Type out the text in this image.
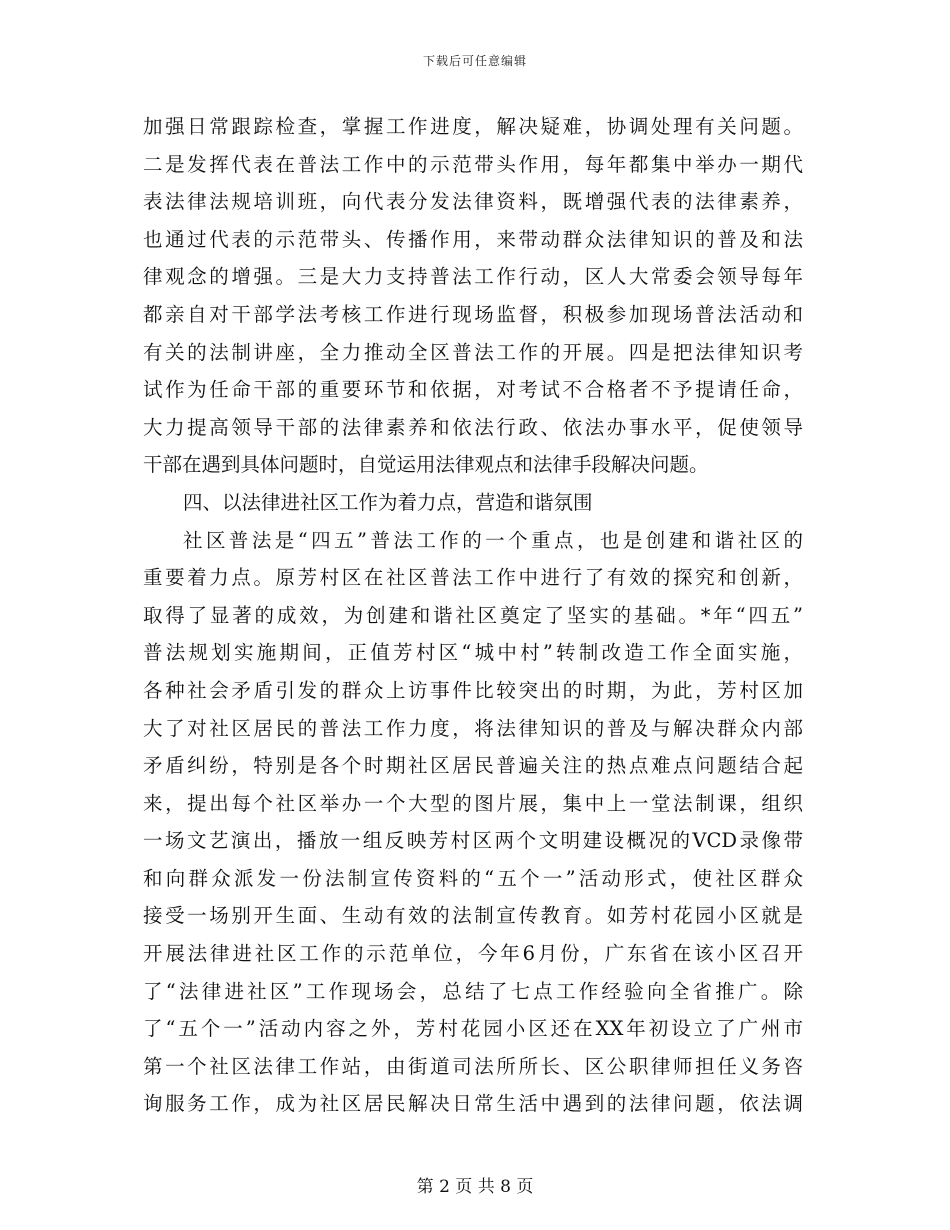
下载后可任意编辑
加强日常跟踪检查，掌握工作进度，解决疑难，协调处理有关问题。
二是发挥代表在普法工作中的示范带头作用，每年都集中举办一期代
表法律法规培训班，向代表分发法律资料，既增强代表的法律素养，
也通过代表的示范带头、传播作用，来带动群众法律知识的普及和法
律观念的增强。三是大力支持普法工作行动，区人大常委会领导每年
都亲自对干部学法考核工作进行现场监督，积极参加现场普法活动和
有关的法制讲座，全力推动全区普法工作的开展。四是把法律知识考
试作为任命干部的重要环节和依据，对考试不合格者不予提请任命，
大力提高领导干部的法律素养和依法行政、依法办事水平，促使领导
干部在遇到具体问题时，自觉运用法律观点和法律手段解决问题。
四、以法律进社区工作为着力点，营造和谐氛围
社区普法是“四五”普法工作的一个重点，也是创建和谐社区的
重要着力点。原芳村区在社区普法工作中进行了有效的探究和创新，
取得了显著的成效，为创建和谐社区奠定了坚实的基础。*年“四五”
普法规划实施期间，正值芳村区“城中村”转制改造工作全面实施，
各种社会矛盾引发的群众上访事件比较突出的时期，为此，芳村区加
大了对社区居民的普法工作力度，将法律知识的普及与解决群众内部
矛盾纠纷，特别是各个时期社区居民普遍关注的热点难点问题结合起
来，提出每个社区举办一个大型的图片展，集中上一堂法制课，组织
一场文艺演出，播放一组反映芳村区两个文明建设概况的VCD录像带
和向群众派发一份法制宣传资料的“五个一”活动形式，使社区群众
接受一场别开生面、生动有效的法制宣传教育。如芳村花园小区就是
开展法律进社区工作的示范单位，今年6月份，广东省在该小区召开
了“法律进社区”工作现场会，总结了七点工作经验向全省推广。除
了“五个一”活动内容之外，芳村花园小区还在XX年初设立了广州市
第一个社区法律工作站，由街道司法所所长、区公职律师担任义务咨
询服务工作，成为社区居民解决日常生活中遇到的法律问题，依法调
第 2 页 共 8 页
